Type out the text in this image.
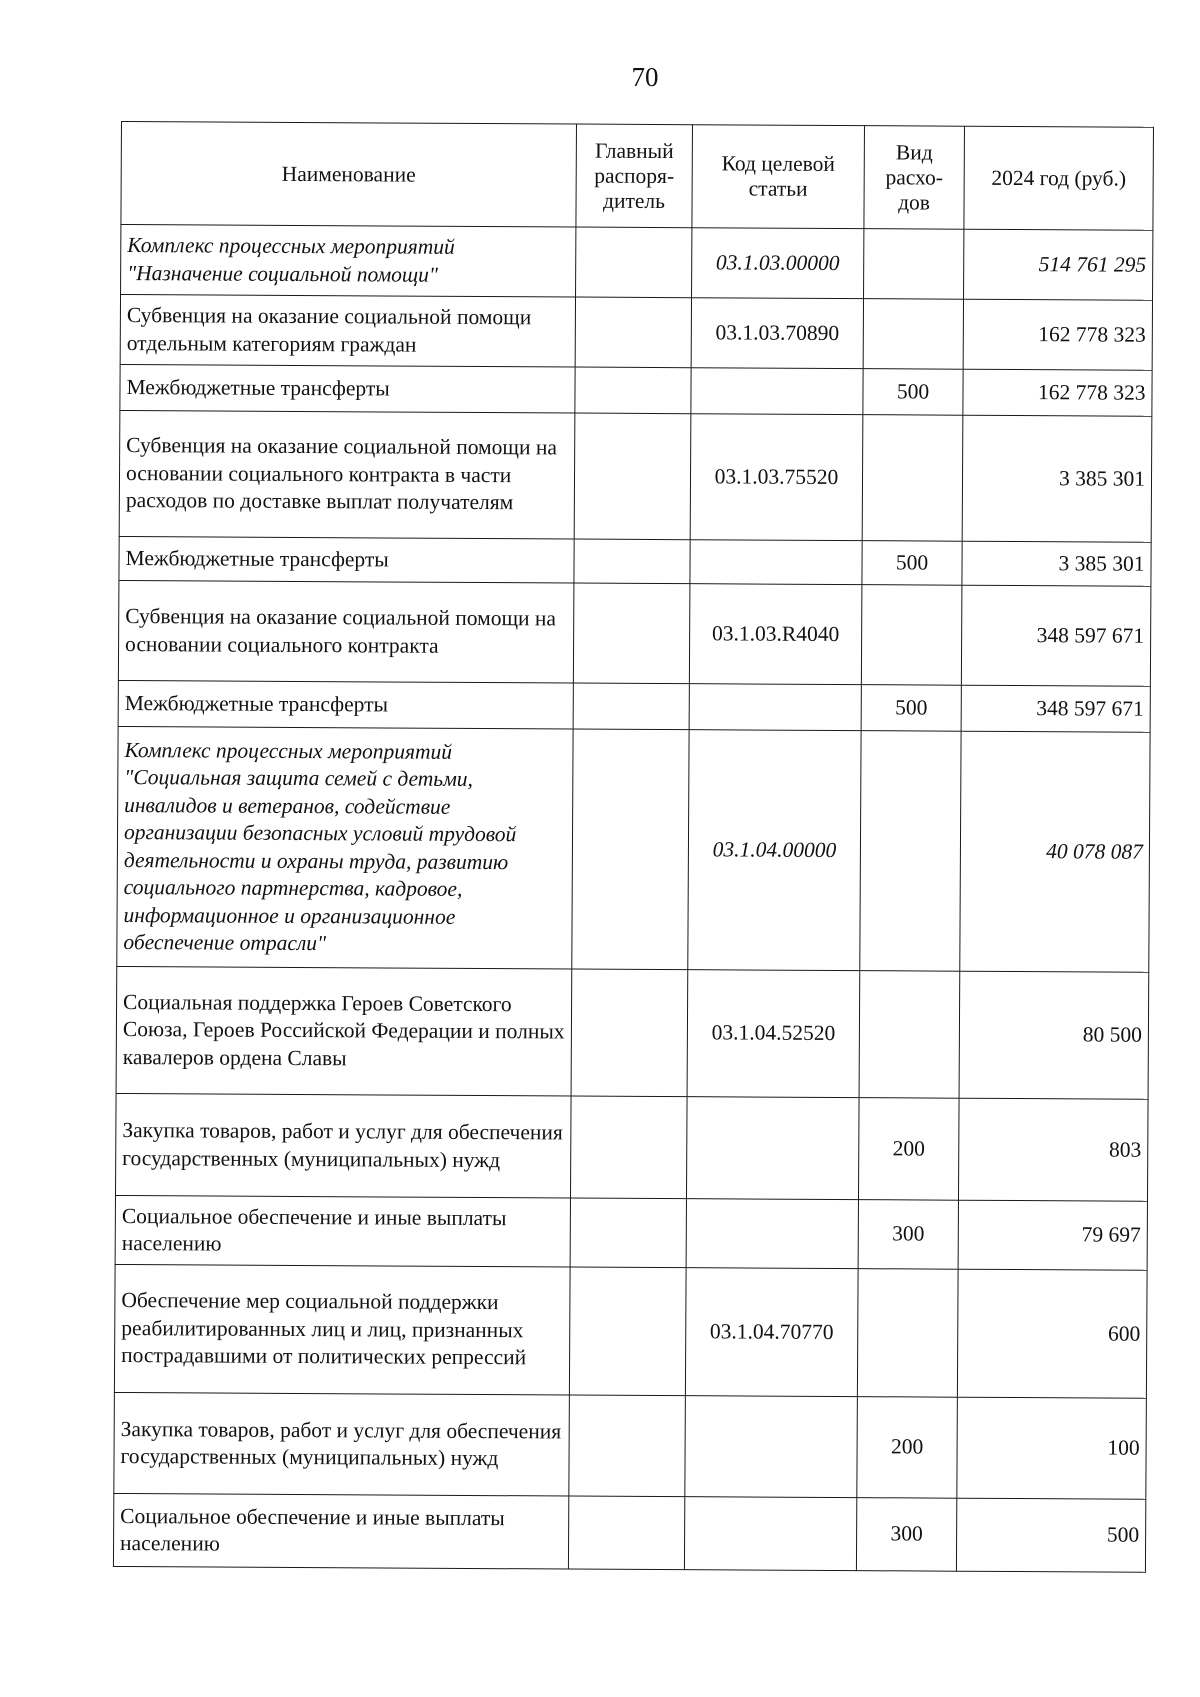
70
Наименование	Главный распоря-дитель	Код целевой статьи	Вид расхо-дов	2024 год (руб.)
Комплекс процессных мероприятий "Назначение социальной помощи"		03.1.03.00000		514 761 295
Субвенция на оказание социальной помощи отдельным категориям граждан		03.1.03.70890		162 778 323
Межбюджетные трансферты			500	162 778 323
Субвенция на оказание социальной помощи на основании социального контракта в части расходов по доставке выплат получателям		03.1.03.75520		3 385 301
Межбюджетные трансферты			500	3 385 301
Субвенция на оказание социальной помощи на основании социального контракта		03.1.03.R4040		348 597 671
Межбюджетные трансферты			500	348 597 671
Комплекс процессных мероприятий "Социальная защита семей с детьми, инвалидов и ветеранов, содействие организации безопасных условий трудовой деятельности и охраны труда, развитию социального партнерства, кадровое, информационное и организационное обеспечение отрасли"		03.1.04.00000		40 078 087
Социальная поддержка Героев Советского Союза, Героев Российской Федерации и полных кавалеров ордена Славы		03.1.04.52520		80 500
Закупка товаров, работ и услуг для обеспечения государственных (муниципальных) нужд			200	803
Социальное обеспечение и иные выплаты населению			300	79 697
Обеспечение мер социальной поддержки реабилитированных лиц и лиц, признанных пострадавшими от политических репрессий		03.1.04.70770		600
Закупка товаров, работ и услуг для обеспечения государственных (муниципальных) нужд			200	100
Социальное обеспечение и иные выплаты населению			300	500
